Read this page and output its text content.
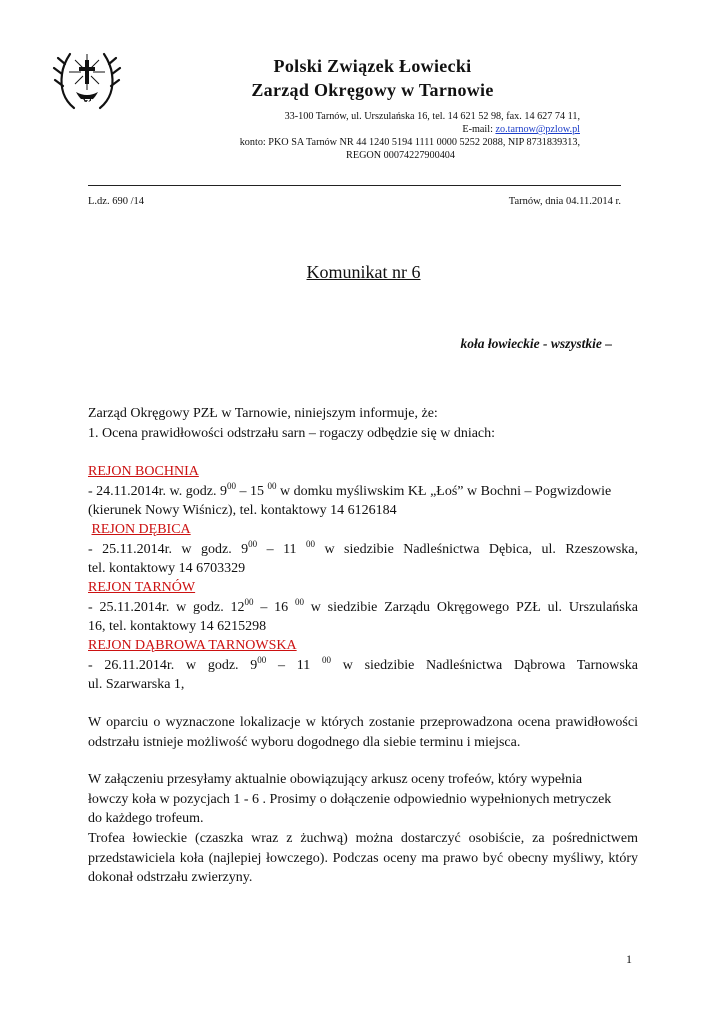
PZŁ
Polski Związek Łowiecki
Zarząd Okręgowy w Tarnowie
33-100 Tarnów, ul. Urszulańska 16, tel. 14 621 52 98, fax. 14 627 74 11,
E-mail: zo.tarnow@pzlow.pl
konto: PKO SA Tarnów NR 44 1240 5194 1111 0000 5252 2088, NIP 8731839313,
REGON 00074227900404
L.dz. 690 /14	Tarnów, dnia 04.11.2014 r.
Komunikat nr 6
koła łowieckie - wszystkie –
Zarząd Okręgowy PZŁ w Tarnowie, niniejszym informuje, że:
1. Ocena prawidłowości odstrzału sarn – rogaczy odbędzie się w dniach:
REJON BOCHNIA
- 24.11.2014r. w. godz. $9^{00} - 15$ $^{00}$ w domku myśliwskim KŁ „Łoś” w Bochni – Pogwizdowie
(kierunek Nowy Wiśnicz), tel. kontaktowy 14 6126184
REJON DĘBICA
- 25.11.2014r. w godz. $9^{00} - 11$ $^{00}$ w siedzibie Nadleśnictwa Dębica, ul. Rzeszowska,
tel. kontaktowy 14 6703329
REJON TARNÓW
- 25.11.2014r. w godz. $12^{00} - 16$ $^{00}$ w siedzibie Zarządu Okręgowego PZŁ ul. Urszulańska
16, tel. kontaktowy 14 6215298
REJON DĄBROWA TARNOWSKA
- 26.11.2014r. w godz. $9^{00} - 11$ $^{00}$ w siedzibie Nadleśnictwa Dąbrowa Tarnowska
ul. Szarwarska 1,
W oparciu o wyznaczone lokalizacje w których zostanie przeprowadzona ocena prawidłowości odstrzału istnieje możliwość wyboru dogodnego dla siebie terminu i miejsca.
W załączeniu przesyłamy aktualnie obowiązujący arkusz oceny trofeów, który wypełnia łowczy koła w pozycjach 1 - 6 . Prosimy o dołączenie odpowiednio wypełnionych metryczek do każdego trofeum.
Trofea łowieckie (czaszka wraz z żuchwą) można dostarczyć osobiście, za pośrednictwem przedstawiciela koła (najlepiej łowczego). Podczas oceny ma prawo być obecny myśliwy, który dokonał odstrzału zwierzyny.
1
